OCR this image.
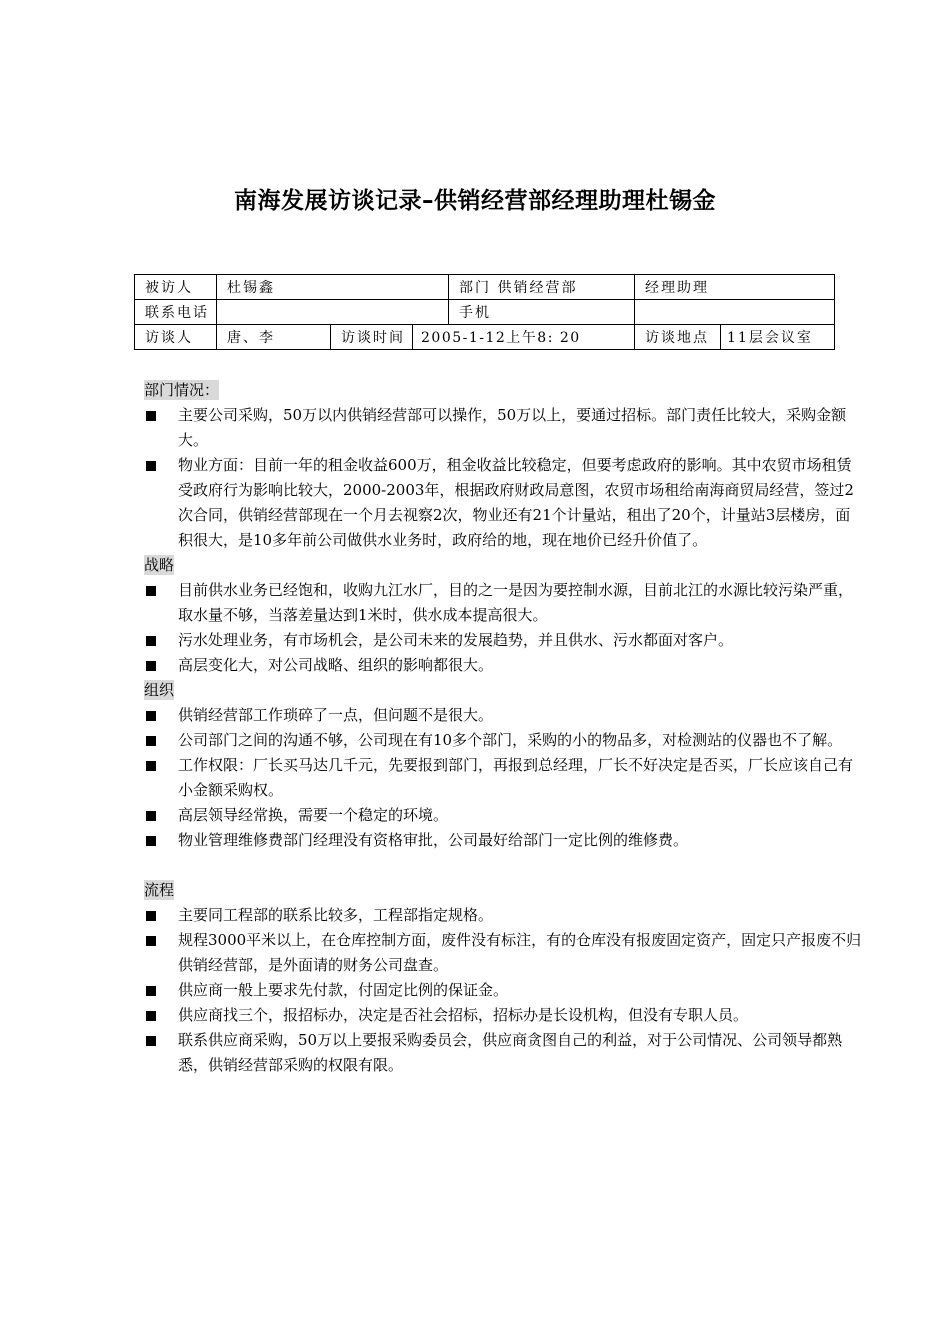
南海发展访谈记录–供销经营部经理助理杜锡金
被访人	杜锡鑫			部门 供销经营部	经理助理	
联系电话				手机		
访谈人	唐、李	访谈时间	2005-1-12上午8: 20		访谈地点	11层会议室
部门情况：
主要公司采购，50万以内供销经营部可以操作，50万以上，要通过招标。部门责任比较大，采购金额大。
物业方面：目前一年的租金收益600万，租金收益比较稳定，但要考虑政府的影响。其中农贸市场租赁受政府行为影响比较大，2000-2003年，根据政府财政局意图，农贸市场租给南海商贸局经营，签过2次合同，供销经营部现在一个月去视察2次，物业还有21个计量站，租出了20个，计量站3层楼房，面积很大，是10多年前公司做供水业务时，政府给的地，现在地价已经升价值了。
战略
目前供水业务已经饱和，收购九江水厂，目的之一是因为要控制水源，目前北江的水源比较污染严重，取水量不够，当落差量达到1米时，供水成本提高很大。
污水处理业务，有市场机会，是公司未来的发展趋势，并且供水、污水都面对客户。
高层变化大，对公司战略、组织的影响都很大。
组织
供销经营部工作琐碎了一点，但问题不是很大。
公司部门之间的沟通不够，公司现在有10多个部门，采购的小的物品多，对检测站的仪器也不了解。
工作权限：厂长买马达几千元，先要报到部门，再报到总经理，厂长不好决定是否买，厂长应该自己有小金额采购权。
高层领导经常换，需要一个稳定的环境。
物业管理维修费部门经理没有资格审批，公司最好给部门一定比例的维修费。
流程
主要同工程部的联系比较多，工程部指定规格。
规程3000平米以上，在仓库控制方面，废件没有标注，有的仓库没有报废固定资产，固定只产报废不归供销经营部，是外面请的财务公司盘查。
供应商一般上要求先付款，付固定比例的保证金。
供应商找三个，报招标办，决定是否社会招标，招标办是长设机构，但没有专职人员。
联系供应商采购，50万以上要报采购委员会，供应商贪图自己的利益，对于公司情况、公司领导都熟悉，供销经营部采购的权限有限。
